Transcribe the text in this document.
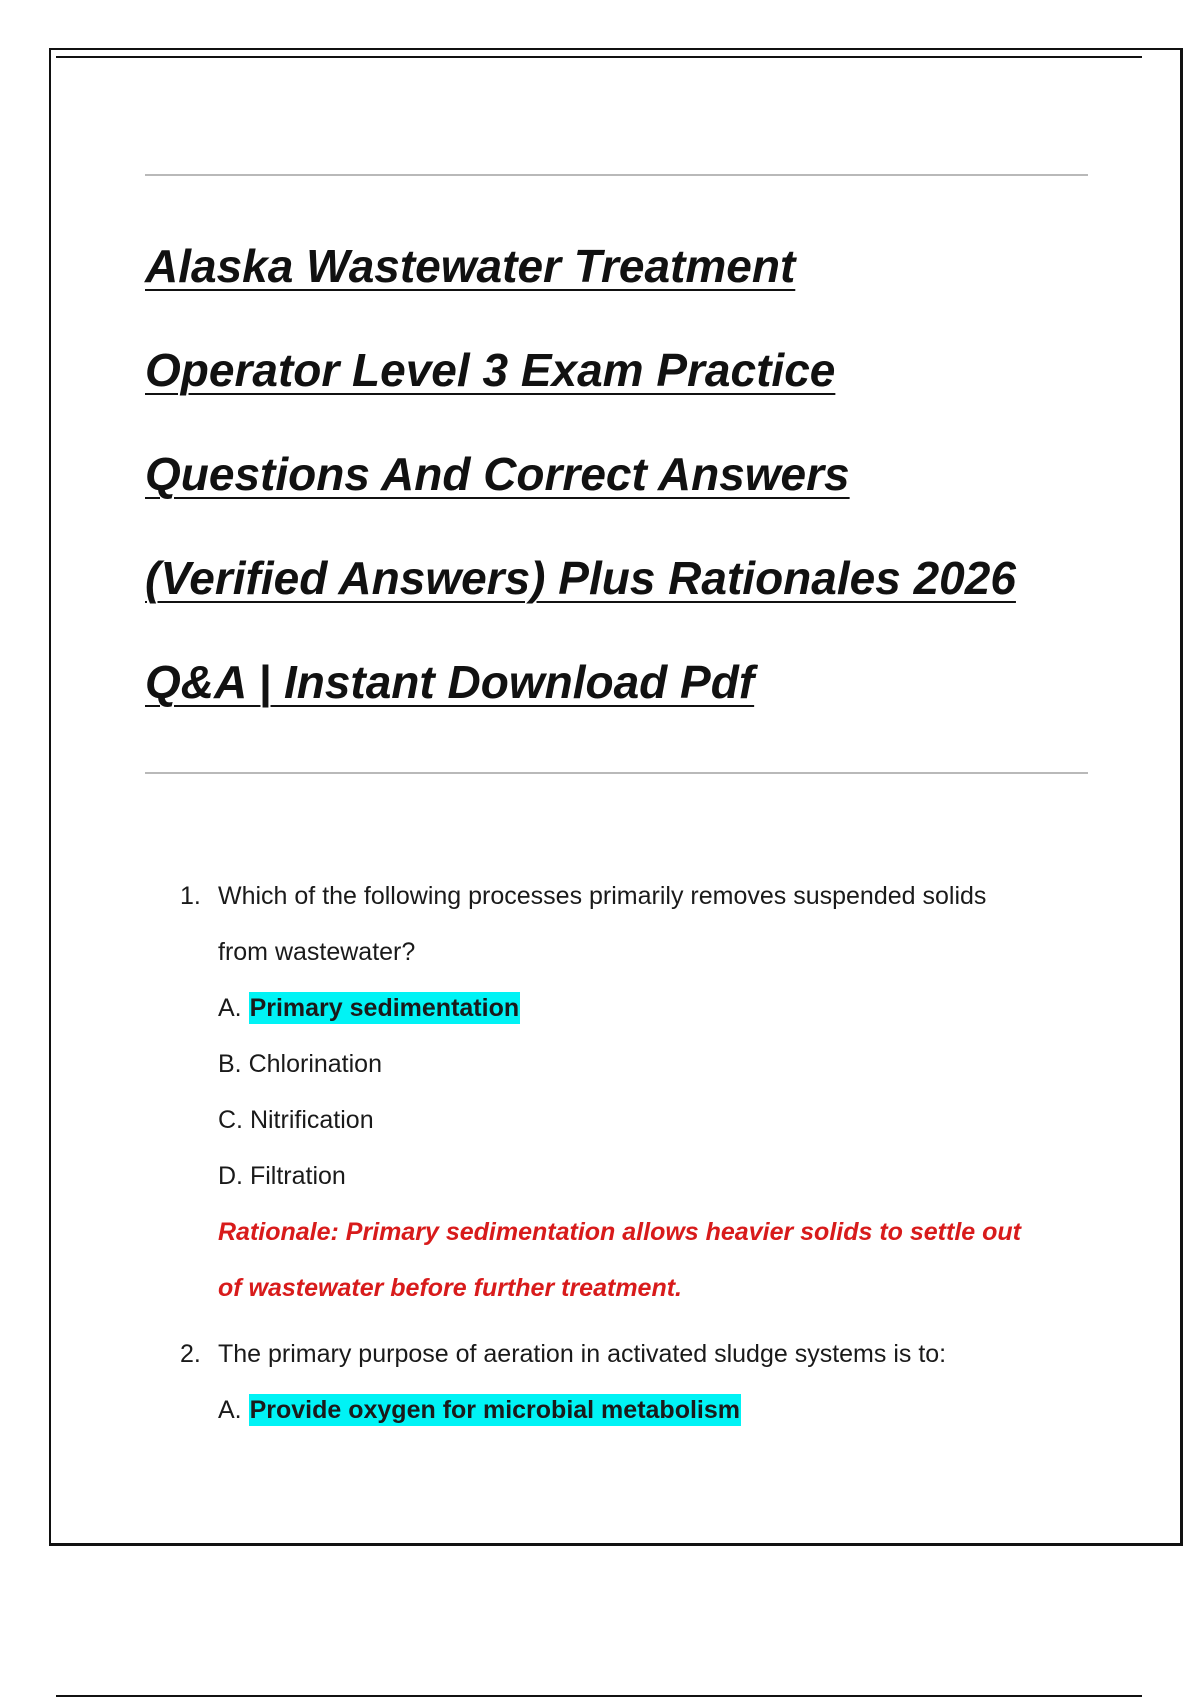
Alaska Wastewater Treatment
Operator Level 3 Exam Practice
Questions And Correct Answers
(Verified Answers) Plus Rationales 2026
Q&A | Instant Download Pdf
1. Which of the following processes primarily removes suspended solids
from wastewater?
A. Primary sedimentation
B. Chlorination
C. Nitrification
D. Filtration
Rationale: Primary sedimentation allows heavier solids to settle out
of wastewater before further treatment.
2. The primary purpose of aeration in activated sludge systems is to:
A. Provide oxygen for microbial metabolism
